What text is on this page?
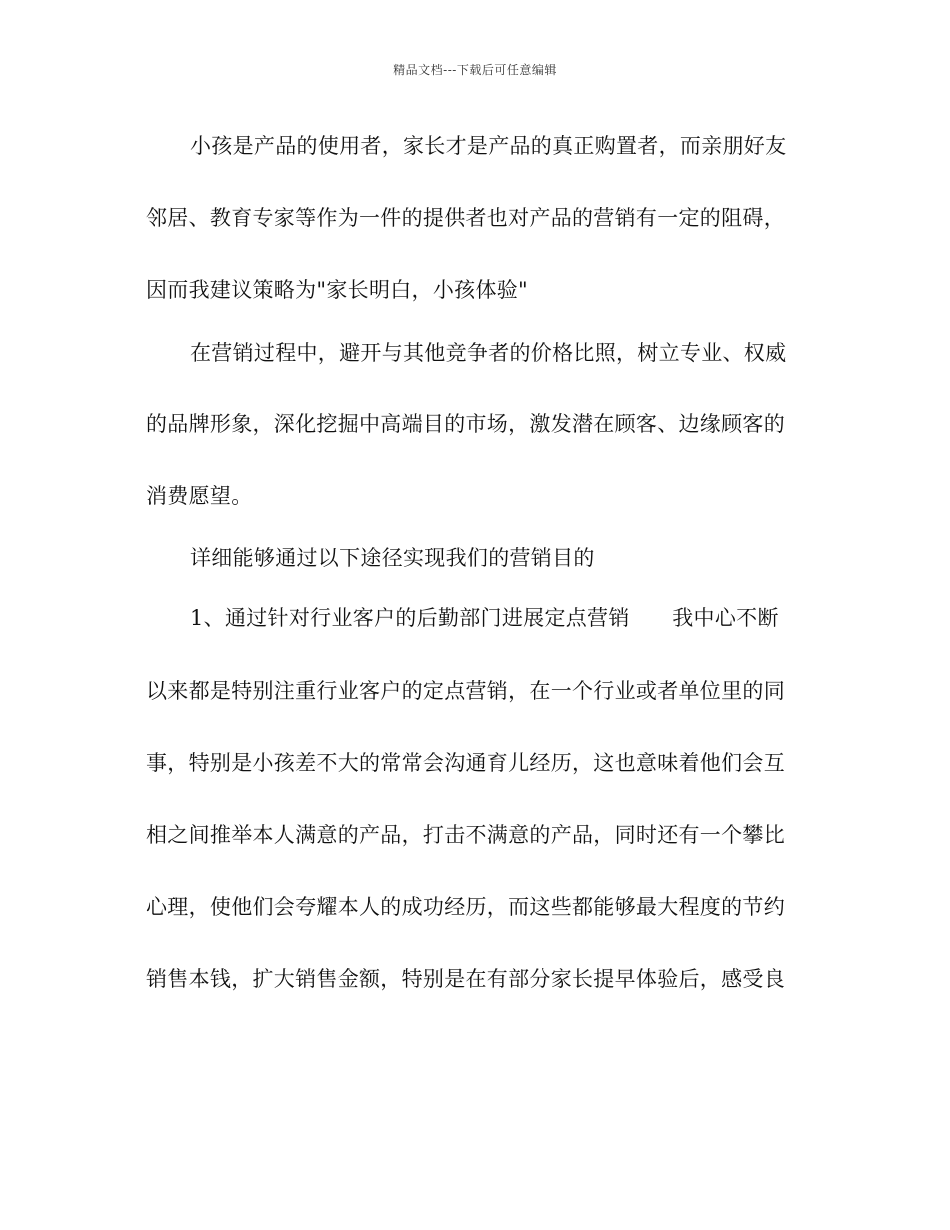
精品文档---下载后可任意编辑
小孩是产品的使用者，家长才是产品的真正购置者，而亲朋好友
邻居、教育专家等作为一件的提供者也对产品的营销有一定的阻碍，
因而我建议策略为"家长明白，小孩体验"
在营销过程中，避开与其他竞争者的价格比照，树立专业、权威
的品牌形象，深化挖掘中高端目的市场，激发潜在顾客、边缘顾客的
消费愿望。
详细能够通过以下途径实现我们的营销目的
1、通过针对行业客户的后勤部门进展定点营销　　我中心不断
以来都是特别注重行业客户的定点营销，在一个行业或者单位里的同
事，特别是小孩差不大的常常会沟通育儿经历，这也意味着他们会互
相之间推举本人满意的产品，打击不满意的产品，同时还有一个攀比
心理，使他们会夸耀本人的成功经历，而这些都能够最大程度的节约
销售本钱，扩大销售金额，特别是在有部分家长提早体验后，感受良
